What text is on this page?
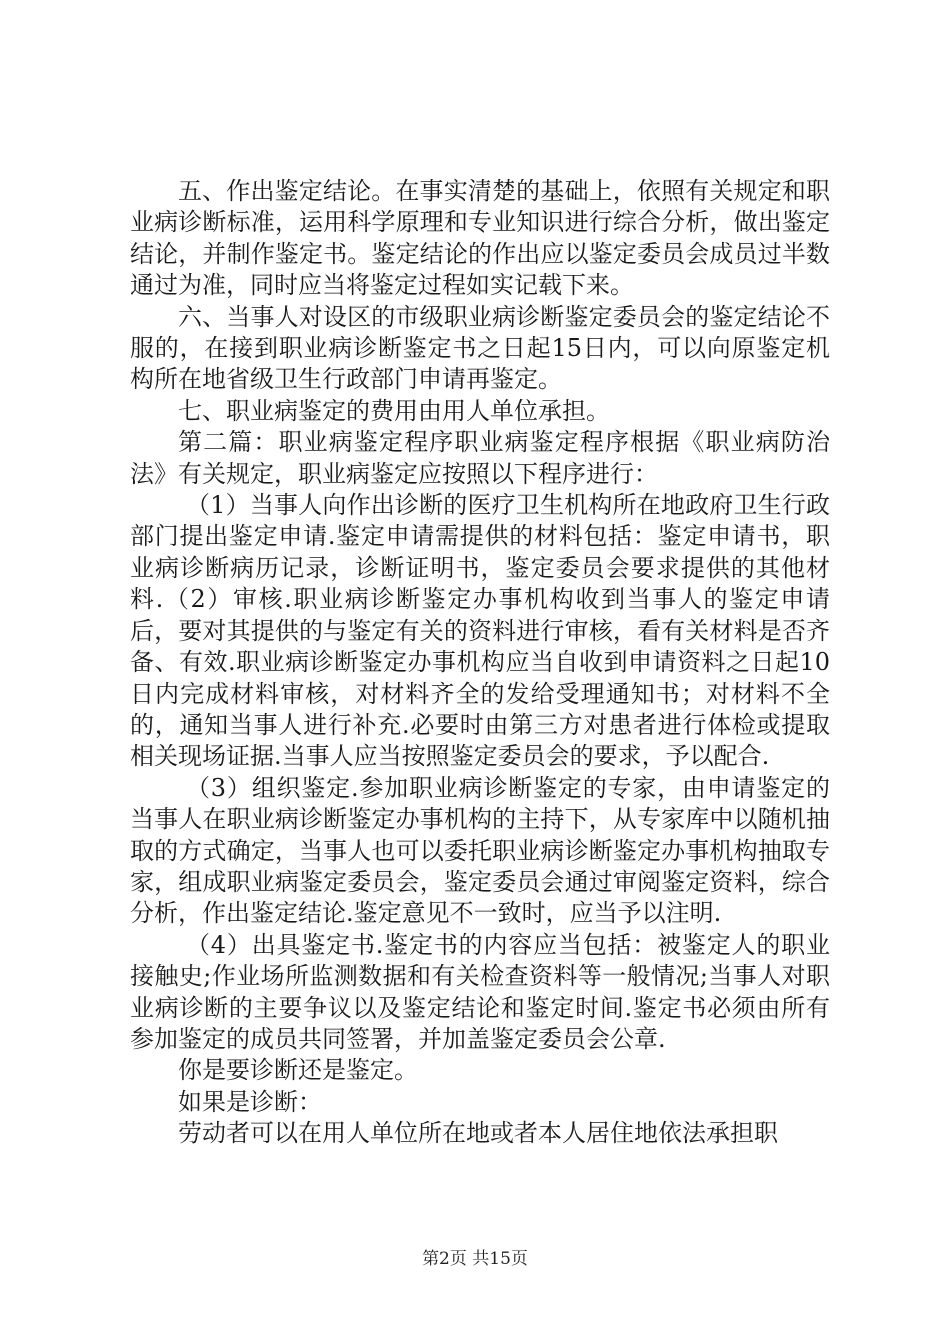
五、作出鉴定结论。在事实清楚的基础上，依照有关规定和职业病诊断标准，运用科学原理和专业知识进行综合分析，做出鉴定结论，并制作鉴定书。鉴定结论的作出应以鉴定委员会成员过半数通过为准，同时应当将鉴定过程如实记载下来。

六、当事人对设区的市级职业病诊断鉴定委员会的鉴定结论不服的，在接到职业病诊断鉴定书之日起15日内，可以向原鉴定机构所在地省级卫生行政部门申请再鉴定。

七、职业病鉴定的费用由用人单位承担。

第二篇：职业病鉴定程序职业病鉴定程序根据《职业病防治法》有关规定，职业病鉴定应按照以下程序进行：

（1）当事人向作出诊断的医疗卫生机构所在地政府卫生行政部门提出鉴定申请.鉴定申请需提供的材料包括：鉴定申请书，职业病诊断病历记录，诊断证明书，鉴定委员会要求提供的其他材料.（2）审核.职业病诊断鉴定办事机构收到当事人的鉴定申请后，要对其提供的与鉴定有关的资料进行审核，看有关材料是否齐备、有效.职业病诊断鉴定办事机构应当自收到申请资料之日起10日内完成材料审核，对材料齐全的发给受理通知书；对材料不全的，通知当事人进行补充.必要时由第三方对患者进行体检或提取相关现场证据.当事人应当按照鉴定委员会的要求，予以配合.

（3）组织鉴定.参加职业病诊断鉴定的专家，由申请鉴定的当事人在职业病诊断鉴定办事机构的主持下，从专家库中以随机抽取的方式确定，当事人也可以委托职业病诊断鉴定办事机构抽取专家，组成职业病鉴定委员会，鉴定委员会通过审阅鉴定资料，综合分析，作出鉴定结论.鉴定意见不一致时，应当予以注明.

（4）出具鉴定书.鉴定书的内容应当包括：被鉴定人的职业接触史;作业场所监测数据和有关检查资料等一般情况;当事人对职业病诊断的主要争议以及鉴定结论和鉴定时间.鉴定书必须由所有参加鉴定的成员共同签署，并加盖鉴定委员会公章.

你是要诊断还是鉴定。

如果是诊断：

劳动者可以在用人单位所在地或者本人居住地依法承担职

第2页 共15页
